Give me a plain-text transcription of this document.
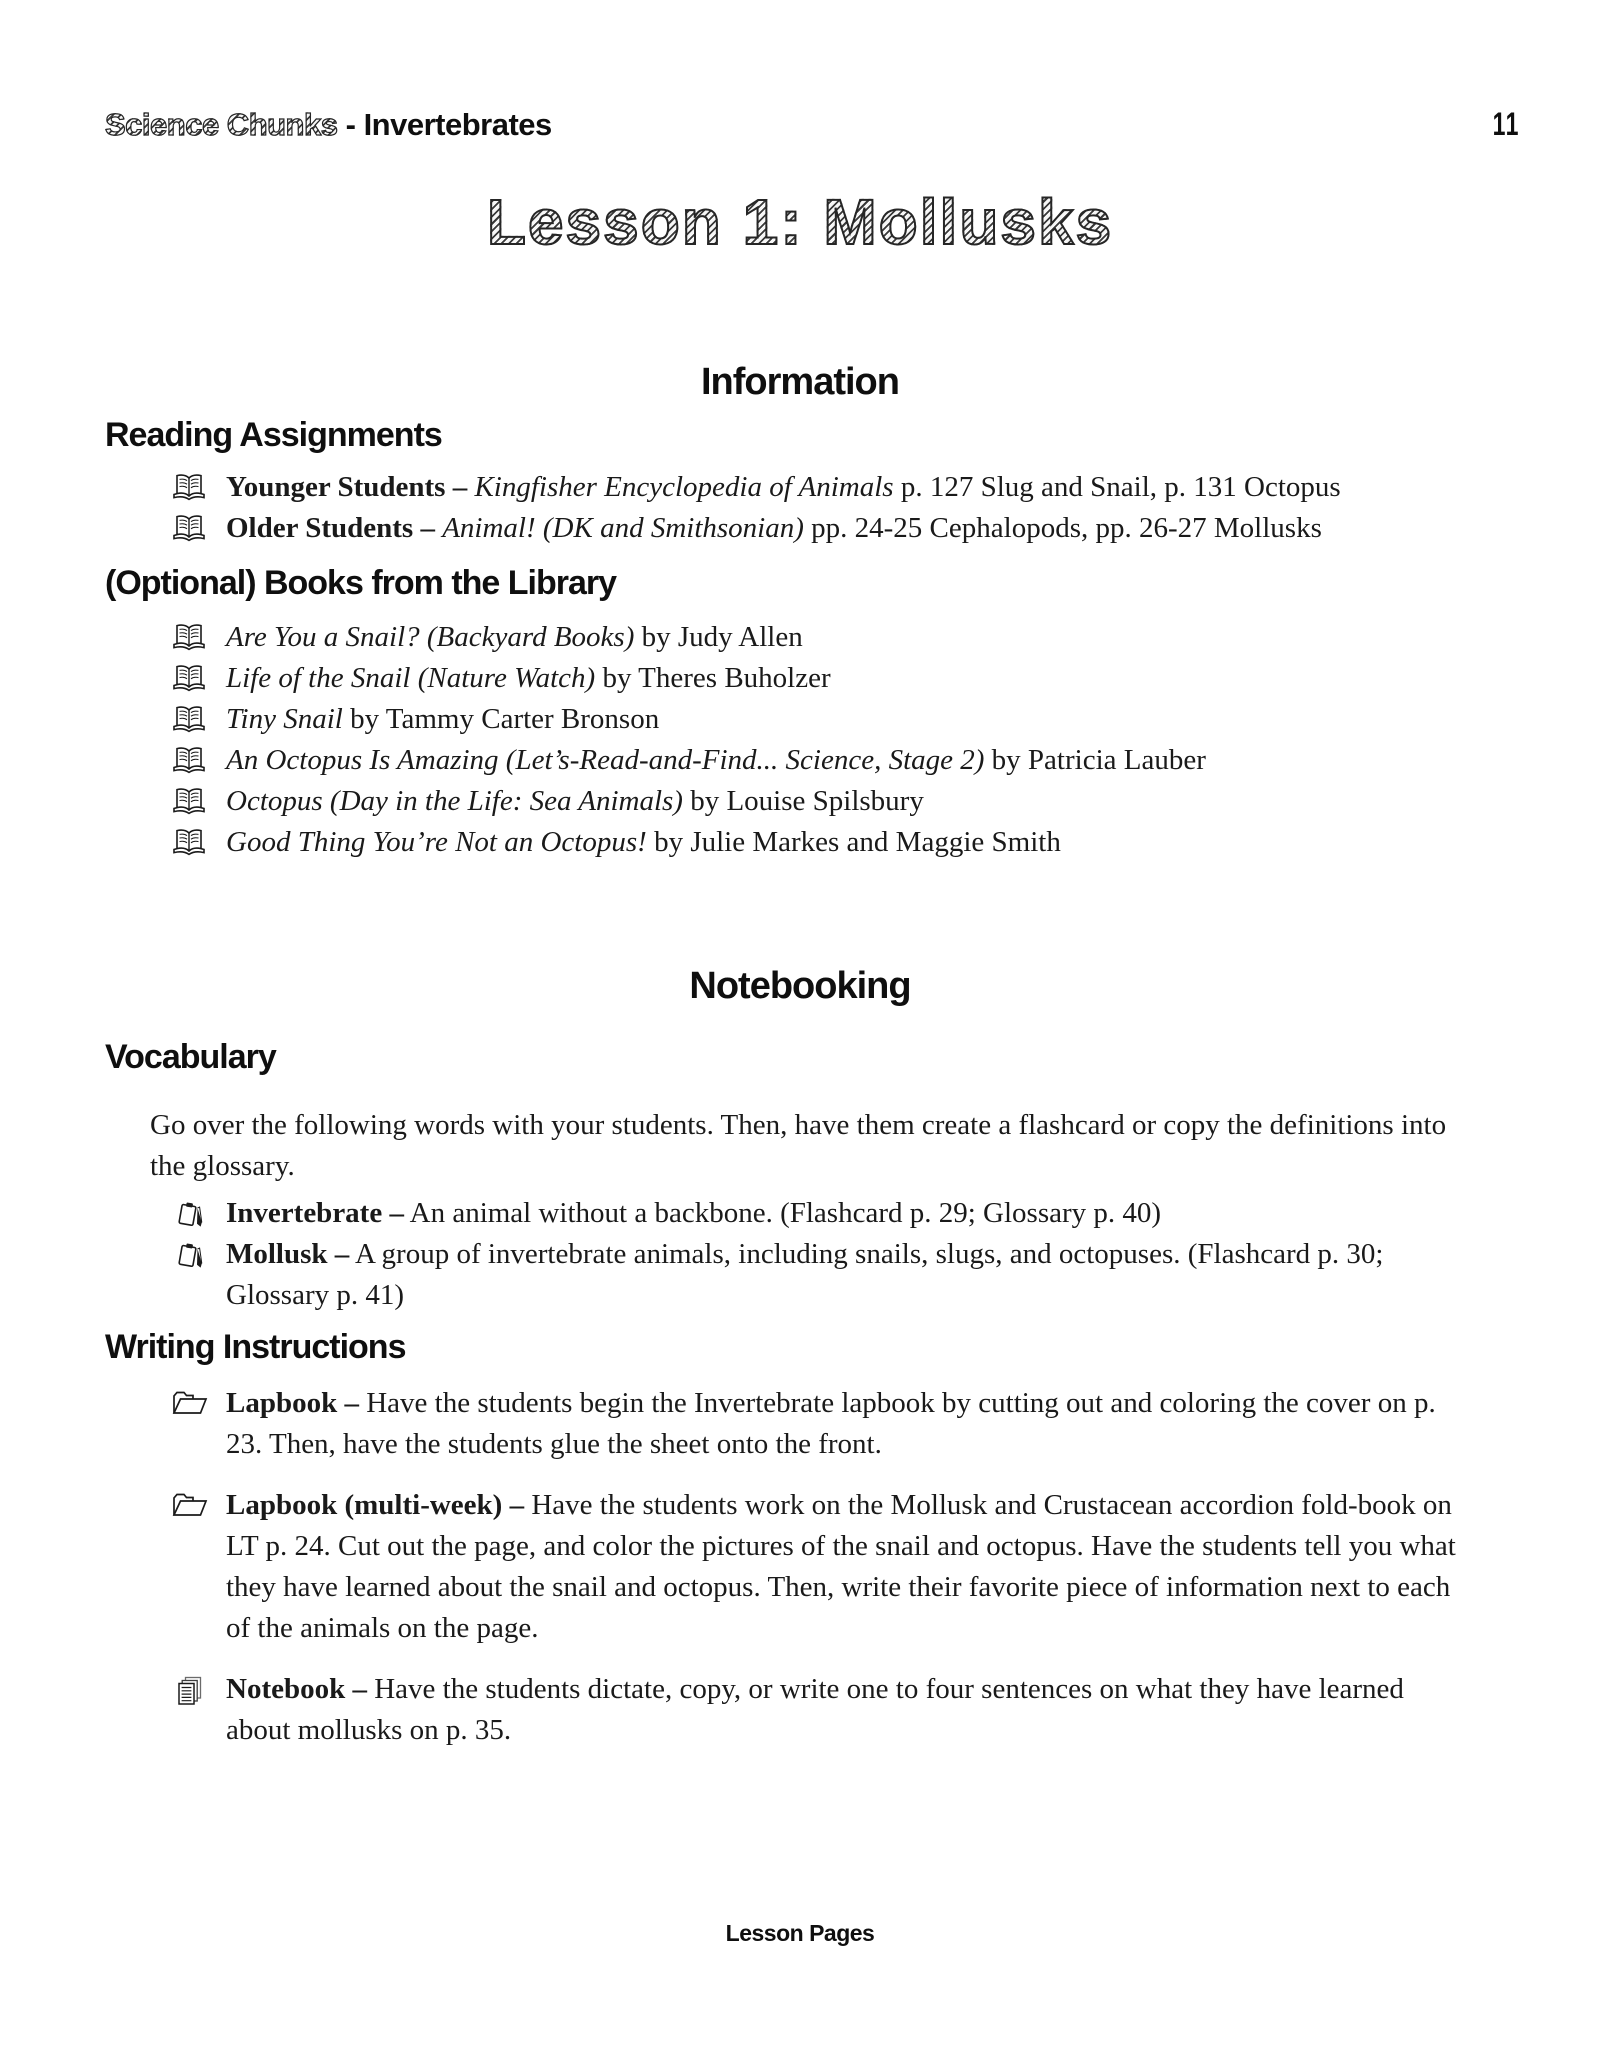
Science Chunks - Invertebrates	11
Lesson 1: Mollusks
Information
Reading Assignments

Younger Students – Kingfisher Encyclopedia of Animals p. 127 Slug and Snail, p. 131 Octopus

Older Students – Animal! (DK and Smithsonian) pp. 24-25 Cephalopods, pp. 26-27 Mollusks

(Optional) Books from the Library

Are You a Snail? (Backyard Books) by Judy Allen

Life of the Snail (Nature Watch) by Theres Buholzer

Tiny Snail by Tammy Carter Bronson

An Octopus Is Amazing (Let’s-Read-and-Find... Science, Stage 2) by Patricia Lauber

Octopus (Day in the Life: Sea Animals) by Louise Spilsbury

Good Thing You’re Not an Octopus! by Julie Markes and Maggie Smith

Notebooking
Vocabulary

Go over the following words with your students. Then, have them create a flashcard or copy the definitions into the glossary.

Invertebrate – An animal without a backbone. (Flashcard p. 29; Glossary p. 40)

Mollusk – A group of invertebrate animals, including snails, slugs, and octopuses. (Flashcard p. 30; Glossary p. 41)

Writing Instructions

Lapbook – Have the students begin the Invertebrate lapbook by cutting out and coloring the cover on p. 23. Then, have the students glue the sheet onto the front.

Lapbook (multi-week) – Have the students work on the Mollusk and Crustacean accordion fold-book on LT p. 24. Cut out the page, and color the pictures of the snail and octopus. Have the students tell you what they have learned about the snail and octopus. Then, write their favorite piece of information next to each of the animals on the page.

Notebook – Have the students dictate, copy, or write one to four sentences on what they have learned about mollusks on p. 35.

Lesson Pages
